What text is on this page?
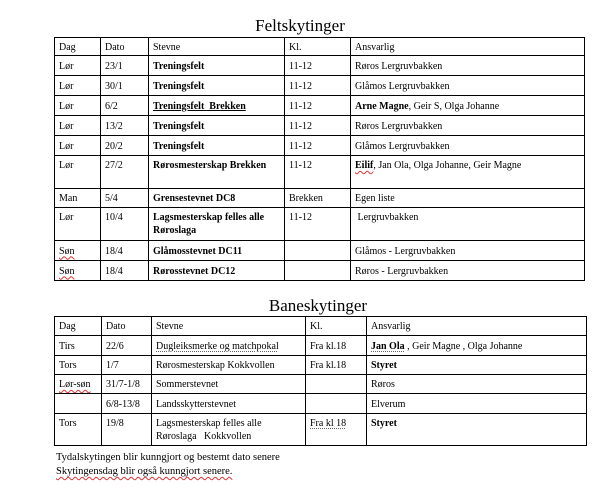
Feltskytinger
Dag	Dato	Stevne	Kl.	Ansvarlig
Lør	23/1	Treningsfelt	11-12	Røros Lergruvbakken
Lør	30/1	Treningsfelt	11-12	Glåmos Lergruvbakken
Lør	6/2	Treningsfelt  Brekken	11-12	Arne Magne, Geir S, Olga Johanne
Lør	13/2	Treningsfelt	11-12	Røros Lergruvbakken
Lør	20/2	Treningsfelt	11-12	Glåmos Lergruvbakken
Lør	27/2	Rørosmesterskap Brekken	11-12	Eilif, Jan Ola, Olga Johanne, Geir Magne
Man	5/4	Grensestevnet DC8	Brekken	Egen liste
Lør	10/4	Lagsmesterskap felles alle Røroslaga	11-12	Lergruvbakken
Søn	18/4	Glåmosstevnet DC11		Glåmos - Lergruvbakken
Søn	18/4	Rørosstevnet DC12		Røros - Lergruvbakken
Baneskytinger
Dag	Dato	Stevne	Kl.	Ansvarlig
Tirs	22/6	Dugleiksmerke og matchpokal	Fra kl.18	Jan Ola , Geir Magne , Olga Johanne
Tors	1/7	Rørosmesterskap Kokkvollen	Fra kl.18	Styret
Lør-søn	31/7-1/8	Sommerstevnet		Røros
	6/8-13/8	Landsskytterstevnet		Elverum
Tors	19/8	Lagsmesterskap felles alle Røroslaga   Kokkvollen	Fra kl 18	Styret
Tydalskytingen blir kunngjort og bestemt dato senere
Skytingensdag blir også kunngjort senere.
